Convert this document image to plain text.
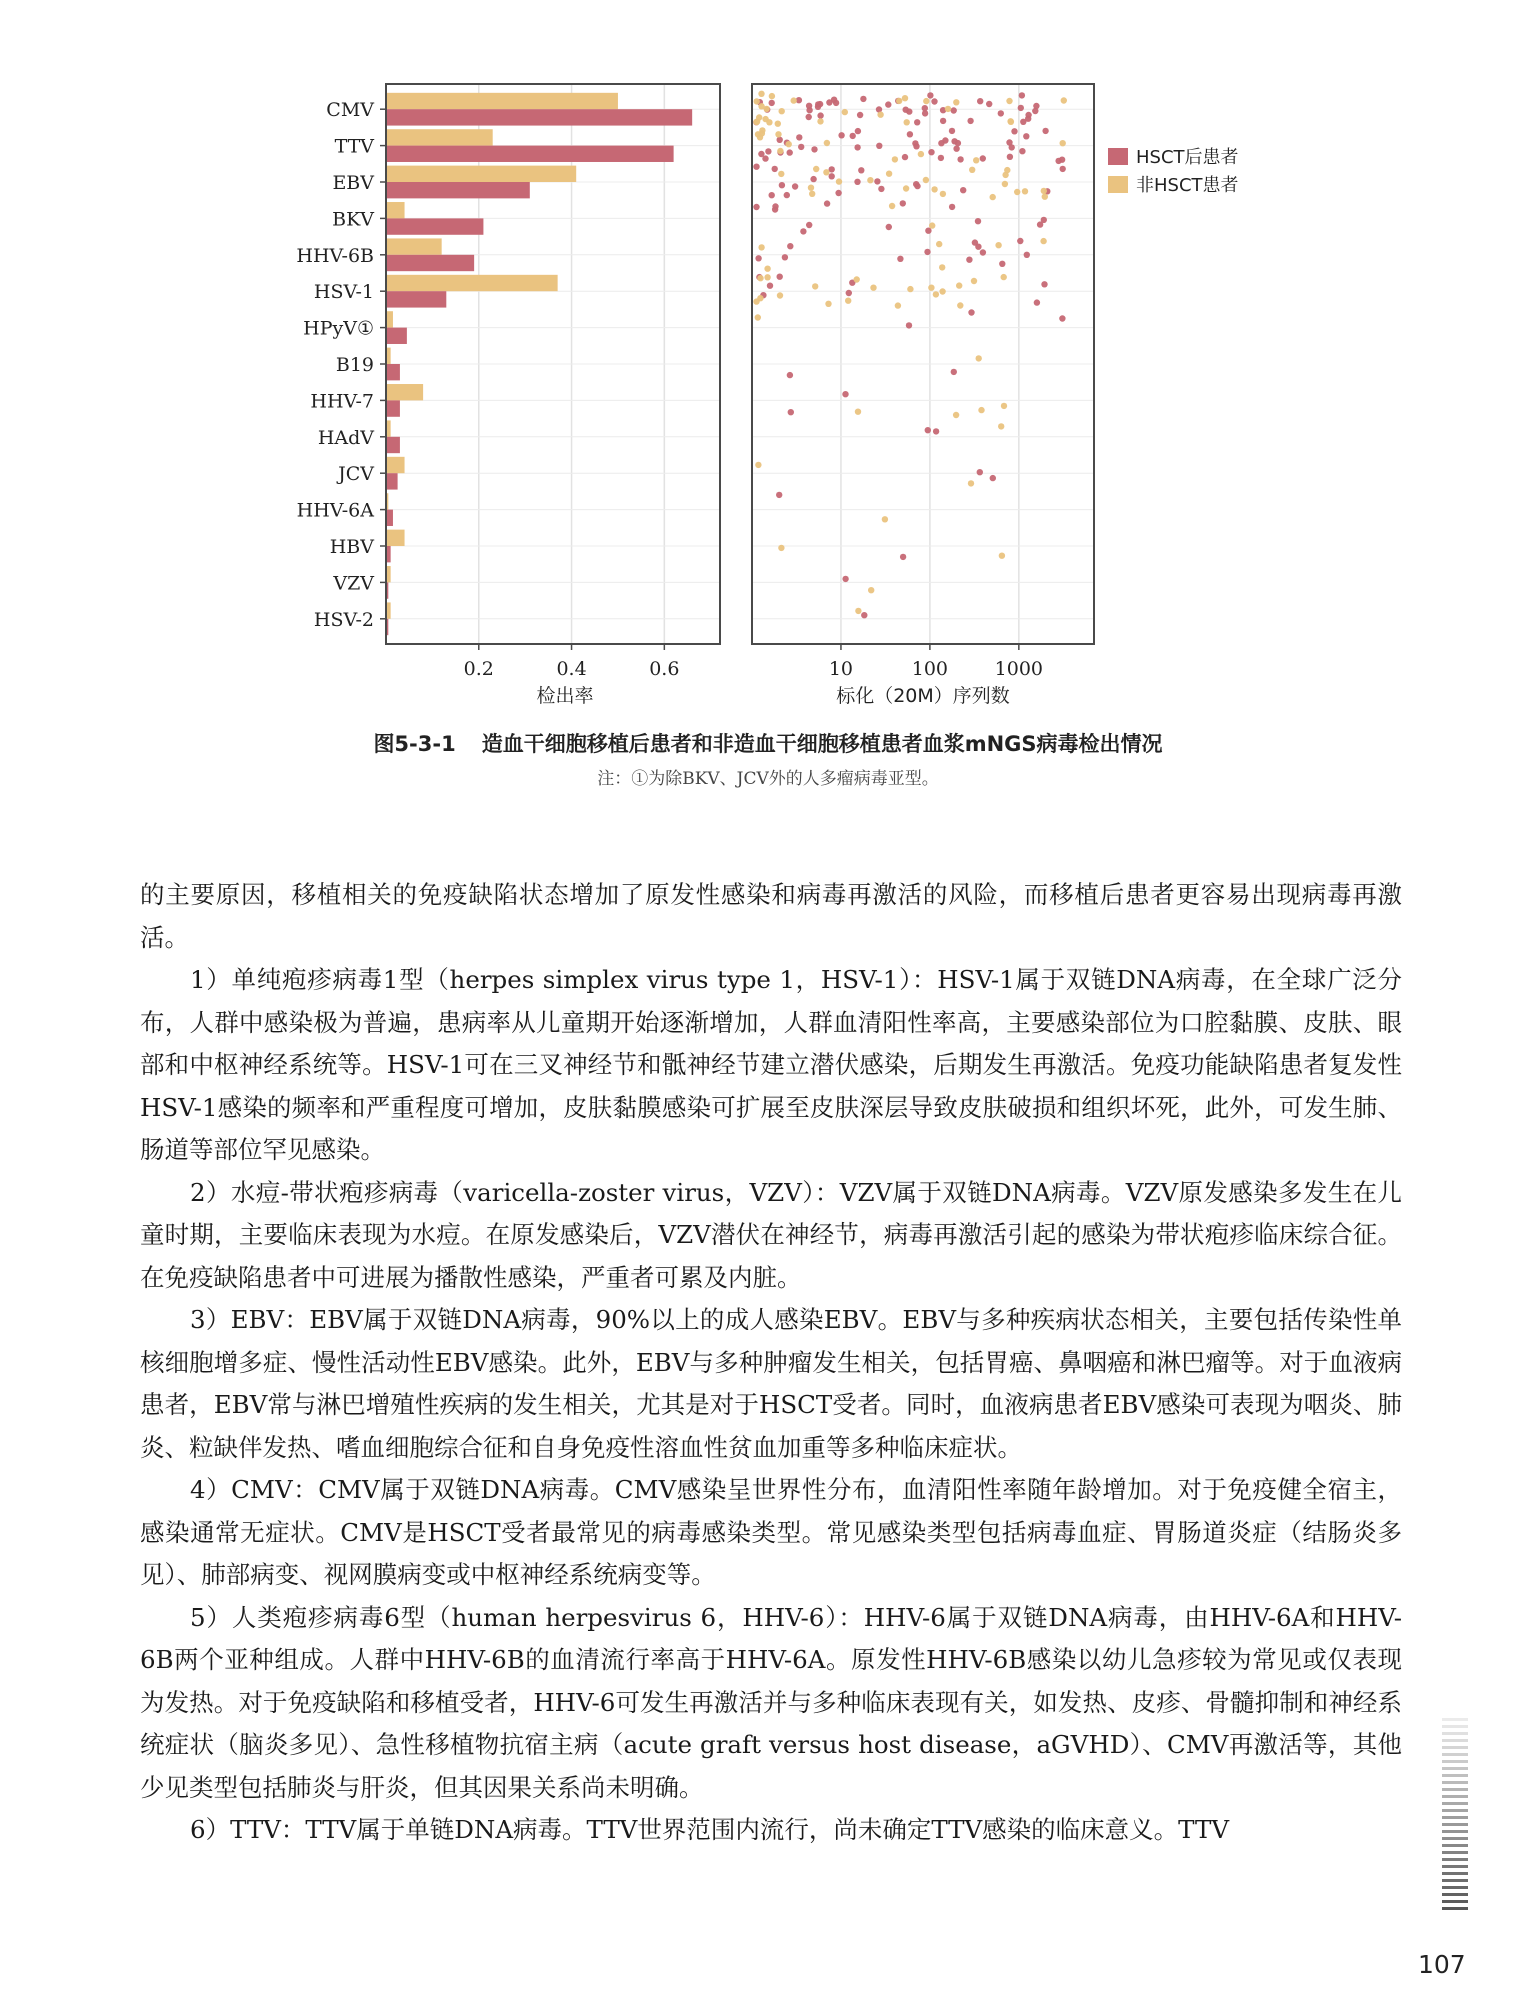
CMV
TTV
EBV
BKV
HHV-6B
HSV-1
HPyV①
B19
HHV-7
HAdV
JCV
HHV-6A
HBV
VZV
HSV-2
0.2	0.4	0.6
检出率
10	100 1000
标化（20M）序列数
HSCT后患者
非HSCT患者
图5-3-1 造血干细胞移植后患者和非造血干细胞移植患者血浆mNGS病毒检出情况
注：①为除BKV、JCV外的人多瘤病毒亚型。

的主要原因，移植相关的免疫缺陷状态增加了原发性感染和病毒再激活的风险，而移植后患者更容易出现病毒再激活。

1）单纯疱疹病毒1型（herpes simplex virus type 1，HSV-1）：HSV-1属于双链DNA病毒，在全球广泛分布，人群中感染极为普遍，患病率从儿童期开始逐渐增加，人群血清阳性率高，主要感染部位为口腔黏膜、皮肤、眼部和中枢神经系统等。HSV-1可在三叉神经节和骶神经节建立潜伏感染，后期发生再激活。免疫功能缺陷患者复发性HSV-1感染的频率和严重程度可增加，皮肤黏膜感染可扩展至皮肤深层导致皮肤破损和组织坏死，此外，可发生肺、肠道等部位罕见感染。

2）水痘-带状疱疹病毒（varicella-zoster virus，VZV）：VZV属于双链DNA病毒。VZV原发感染多发生在儿童时期，主要临床表现为水痘。在原发感染后，VZV潜伏在神经节，病毒再激活引起的感染为带状疱疹临床综合征。在免疫缺陷患者中可进展为播散性感染，严重者可累及内脏。

3）EBV：EBV属于双链DNA病毒，90%以上的成人感染EBV。EBV与多种疾病状态相关，主要包括传染性单核细胞增多症、慢性活动性EBV感染。此外，EBV与多种肿瘤发生相关，包括胃癌、鼻咽癌和淋巴瘤等。对于血液病患者，EBV常与淋巴增殖性疾病的发生相关，尤其是对于HSCT受者。同时，血液病患者EBV感染可表现为咽炎、肺炎、粒缺伴发热、嗜血细胞综合征和自身免疫性溶血性贫血加重等多种临床症状。

4）CMV：CMV属于双链DNA病毒。CMV感染呈世界性分布，血清阳性率随年龄增加。对于免疫健全宿主，感染通常无症状。CMV是HSCT受者最常见的病毒感染类型。常见感染类型包括病毒血症、胃肠道炎症（结肠炎多见）、肺部病变、视网膜病变或中枢神经系统病变等。

5）人类疱疹病毒6型（human herpesvirus 6，HHV-6）：HHV-6属于双链DNA病毒，由HHV-6A和HHV-6B两个亚种组成。人群中HHV-6B的血清流行率高于HHV-6A。原发性HHV-6B感染以幼儿急疹较为常见或仅表现为发热。对于免疫缺陷和移植受者，HHV-6可发生再激活并与多种临床表现有关，如发热、皮疹、骨髓抑制和神经系统症状（脑炎多见）、急性移植物抗宿主病（acute graft versus host disease，aGVHD）、CMV再激活等，其他少见类型包括肺炎与肝炎，但其因果关系尚未明确。

6）TTV：TTV属于单链DNA病毒。TTV世界范围内流行，尚未确定TTV感染的临床意义。TTV

107
